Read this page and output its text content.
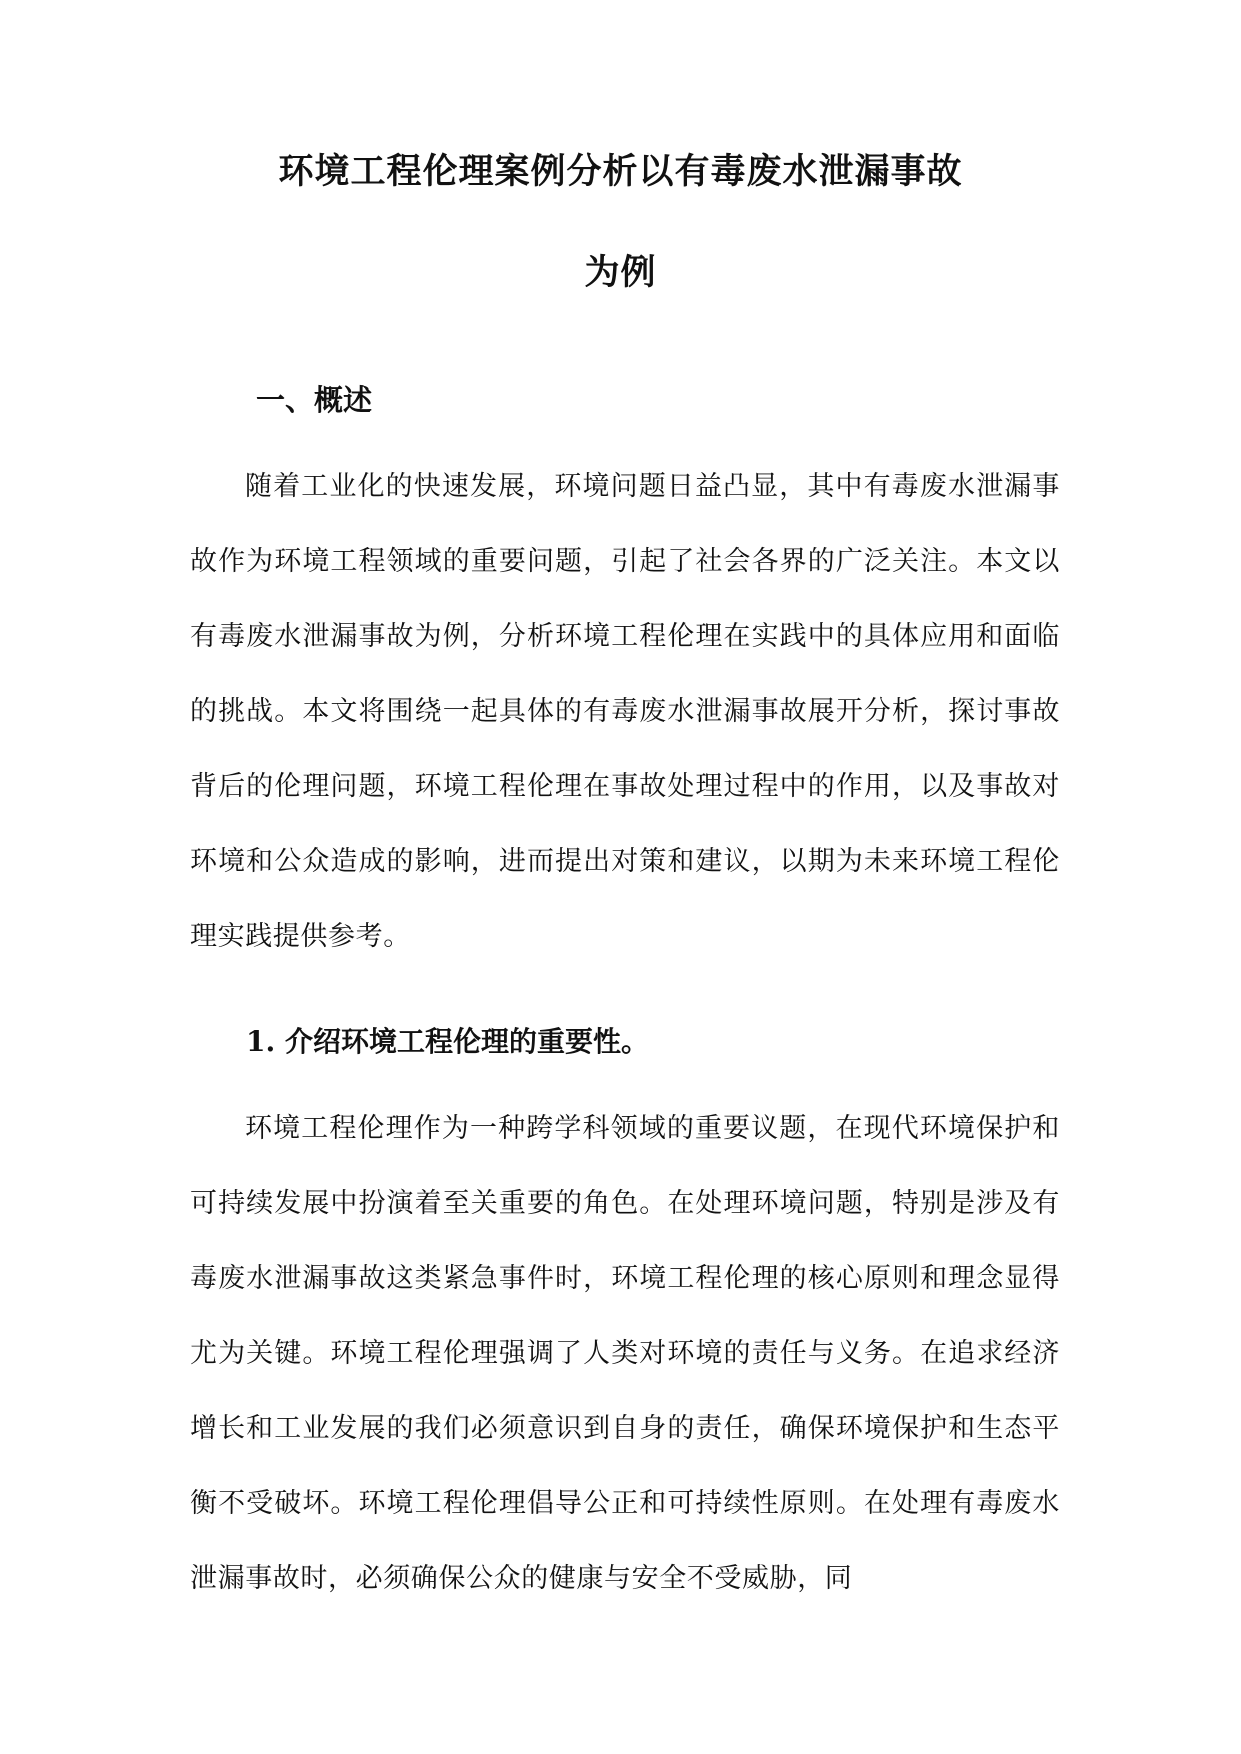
环境工程伦理案例分析以有毒废水泄漏事故
为例
一、概述

随着工业化的快速发展，环境问题日益凸显，其中有毒废水泄漏事故作为环境工程领域的重要问题，引起了社会各界的广泛关注。本文以有毒废水泄漏事故为例，分析环境工程伦理在实践中的具体应用和面临的挑战。本文将围绕一起具体的有毒废水泄漏事故展开分析，探讨事故背后的伦理问题，环境工程伦理在事故处理过程中的作用，以及事故对环境和公众造成的影响，进而提出对策和建议，以期为未来环境工程伦理实践提供参考。

1. 介绍环境工程伦理的重要性。

环境工程伦理作为一种跨学科领域的重要议题，在现代环境保护和可持续发展中扮演着至关重要的角色。在处理环境问题，特别是涉及有毒废水泄漏事故这类紧急事件时，环境工程伦理的核心原则和理念显得尤为关键。环境工程伦理强调了人类对环境的责任与义务。在追求经济增长和工业发展的我们必须意识到自身的责任，确保环境保护和生态平衡不受破坏。环境工程伦理倡导公正和可持续性原则。在处理有毒废水泄漏事故时，必须确保公众的健康与安全不受威胁，同
